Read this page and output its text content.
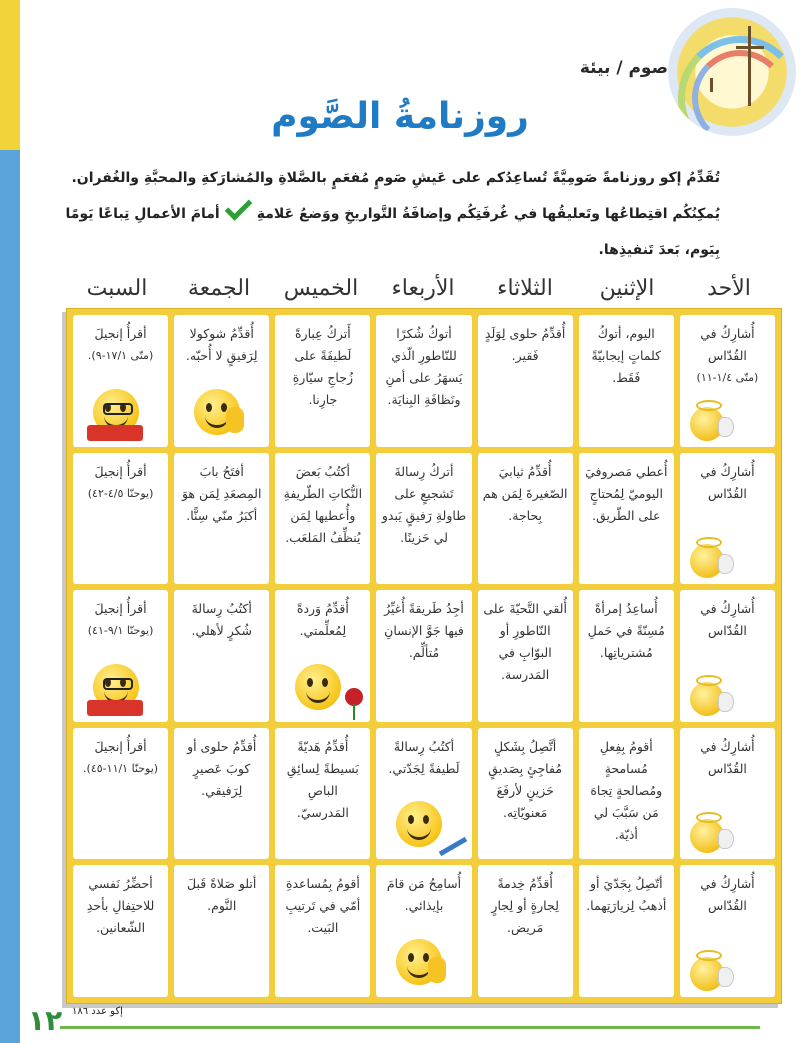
صوم / بيئة
روزنامةُ الصَّوم

تُقَدِّمُ إكو روزنامةً صَومِيَّةً تُساعِدُكم على عَيشِ صَومٍ مُفعَمٍ بالصَّلاةِ والمُشارَكةِ والمحبَّةِ والغُفران.

يُمكِنُكُم اقتِطاعُها وتَعليقُها في غُرفَتِكُم وإضافَةُ التَّواريخِ ووَضعُ عَلامةِأمامَ الأعمالِ تِباعًا يَومًا بِيَوم، بَعدَ تَنفيذِها.

الأحد
الإثنين
الثلاثاء
الأربعاء
الخميس
الجمعة
السبت
أُشارِكُ في القُدّاس
(متّى ١/٤-١١)
اليوم، أتوكُ كلماتٍ إيجابيّةً فَقَط.
أُقدِّمُ حلوى لِوَلَدٍ فَقير.
أتوكُ شُكرًا للنّاطورِ الّذي يَسهَرُ على أمنِ ونَظافَةِ البِنايَة.
أَتركُ عِبارةً لَطيفَةً على زُجاجِ سيّارةِ جارِنا.
أُقدِّمُ شوكولا لِرَفيقٍ لا أُحبّه.
أقرأُ إنجيلَ
(متّى ١٧/١-٩).
أُشارِكُ في القُدّاس
أُعطي مَصروفيَ اليوميّ لِمُحتاجٍ على الطّريق.
أُقدِّمُ ثيابيَ الصّغيرةَ لِمَن هم بِحاجة.
أتركُ رِسالةَ تَشجيعٍ على طاولةِ رَفيقٍ يَبدو لي حَزينًا.
أكتُبُ بَعضَ النُّكاتِ الطّريفةِ وأُعطيها لِمَن يُنظِّفُ المَلعَب.
أفتَحُ بابَ المِصعَدِ لِمَن هوَ أكبَرُ منّي سِنًّا.
أقرأُ إنجيلَ
(يوحنّا ٤/٥-٤٢)
أُشارِكُ في القُدّاس
أُساعِدُ إمرأةً مُسِنّةً في حَملِ مُشترياتِها.
أُلقي التَّحيّةَ على النّاطورِ أو البوّابِ في المَدرسة.
أجِدُ طَريقةً أُغيِّرُ فيها جَوَّ الإنسانِ مُتألِّم.
أُقدِّمُ وَردةً لِمُعلِّمتي.
أكتُبُ رِسالةَ شُكرٍ لأهلي.
أقرأُ إنجيلَ
(يوحنّا ٩/١-٤١)
أُشارِكُ في القُدّاس
أقومُ بِفِعلِ مُسامحةٍ ومُصالحةٍ تِجاهَ مَن سَبَّبَ لي أذيّة.
أتَّصِلُ بِشَكلٍ مُفاجِئٍ بِصَديقٍ حَزينٍ لأرفَعَ مَعنويّاتِه.
أكتُبُ رِسالةً لَطيفةً لِجَدّتي.
أُقدِّمُ هَديّةً بَسيطةً لِسائِقِ الباصِ المَدرسيّ.
أُقدِّمُ حلوى أو كوبَ عَصيرٍ لِرَفيقي.
أقرأُ إنجيلَ
(يوحنّا ١١/١-٤٥).
أُشارِكُ في القُدّاس
أتّصِلُ بِجَدّيَ أو أذهبُ لِزيارَتِهما.
أُقدِّمُ خِدمةً لِجارةٍ أو لِجارٍ مَريض.
أُسامِحُ مَن قامَ بإيذائي.
أقومُ بِمُساعدةِ أمّي في تَرتيبِ البَيت.
أتلو صَلاةً قَبلَ النَّوم.
أحضِّرُ نَفسي للاحتِفالِ بأحدِ الشّعانين.
١٢ إكو عدد ١٨٦
